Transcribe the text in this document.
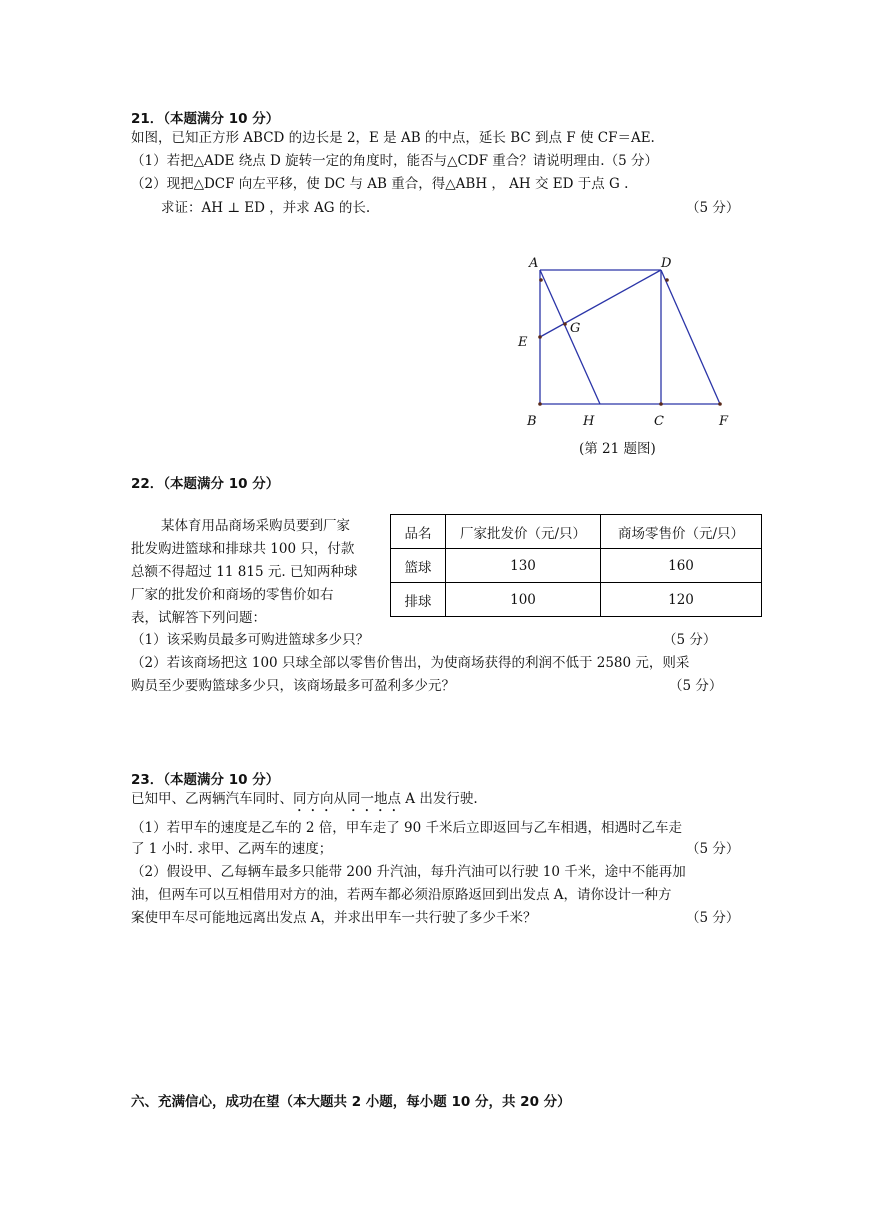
21．（本题满分 10 分）
如图，已知正方形 ABCD 的边长是 2，E 是 AB 的中点，延长 BC 到点 F 使 CF＝AE.
（1）若把△ADE 绕点 D 旋转一定的角度时，能否与△CDF 重合？请说明理由.（5 分）
（2）现把△DCF 向左平移，使 DC 与 AB 重合，得△ABH ， AH 交 ED 于点 G .
求证：AH ⊥ ED ，并求 AG 的长.	（5 分）
A	D
E
G
B	H	C	F
(第 21 题图)
22．（本题满分 10 分）
某体育用品商场采购员要到厂家
批发购进篮球和排球共 100 只，付款
总额不得超过 11 815 元. 已知两种球
厂家的批发价和商场的零售价如右
表，试解答下列问题：
品名	厂家批发价（元/只）	商场零售价（元/只）
篮球	130	160
排球	100	120
（1）该采购员最多可购进篮球多少只？	（5 分）
（2）若该商场把这 100 只球全部以零售价售出，为使商场获得的利润不低于 2580 元，则采
购员至少要购篮球多少只，该商场最多可盈利多少元？	（5 分）
23．（本题满分 10 分）
已知甲、乙两辆汽车同时、同方向从同一地点 A 出发行驶.
（1）若甲车的速度是乙车的 2 倍，甲车走了 90 千米后立即返回与乙车相遇，相遇时乙车走
了 1 小时. 求甲、乙两车的速度；	（5 分）
（2）假设甲、乙每辆车最多只能带 200 升汽油，每升汽油可以行驶 10 千米，途中不能再加
油，但两车可以互相借用对方的油，若两车都必须沿原路返回到出发点 A，请你设计一种方
案使甲车尽可能地远离出发点 A，并求出甲车一共行驶了多少千米？	（5 分）
六、充满信心，成功在望（本大题共 2 小题，每小题 10 分，共 20 分）
